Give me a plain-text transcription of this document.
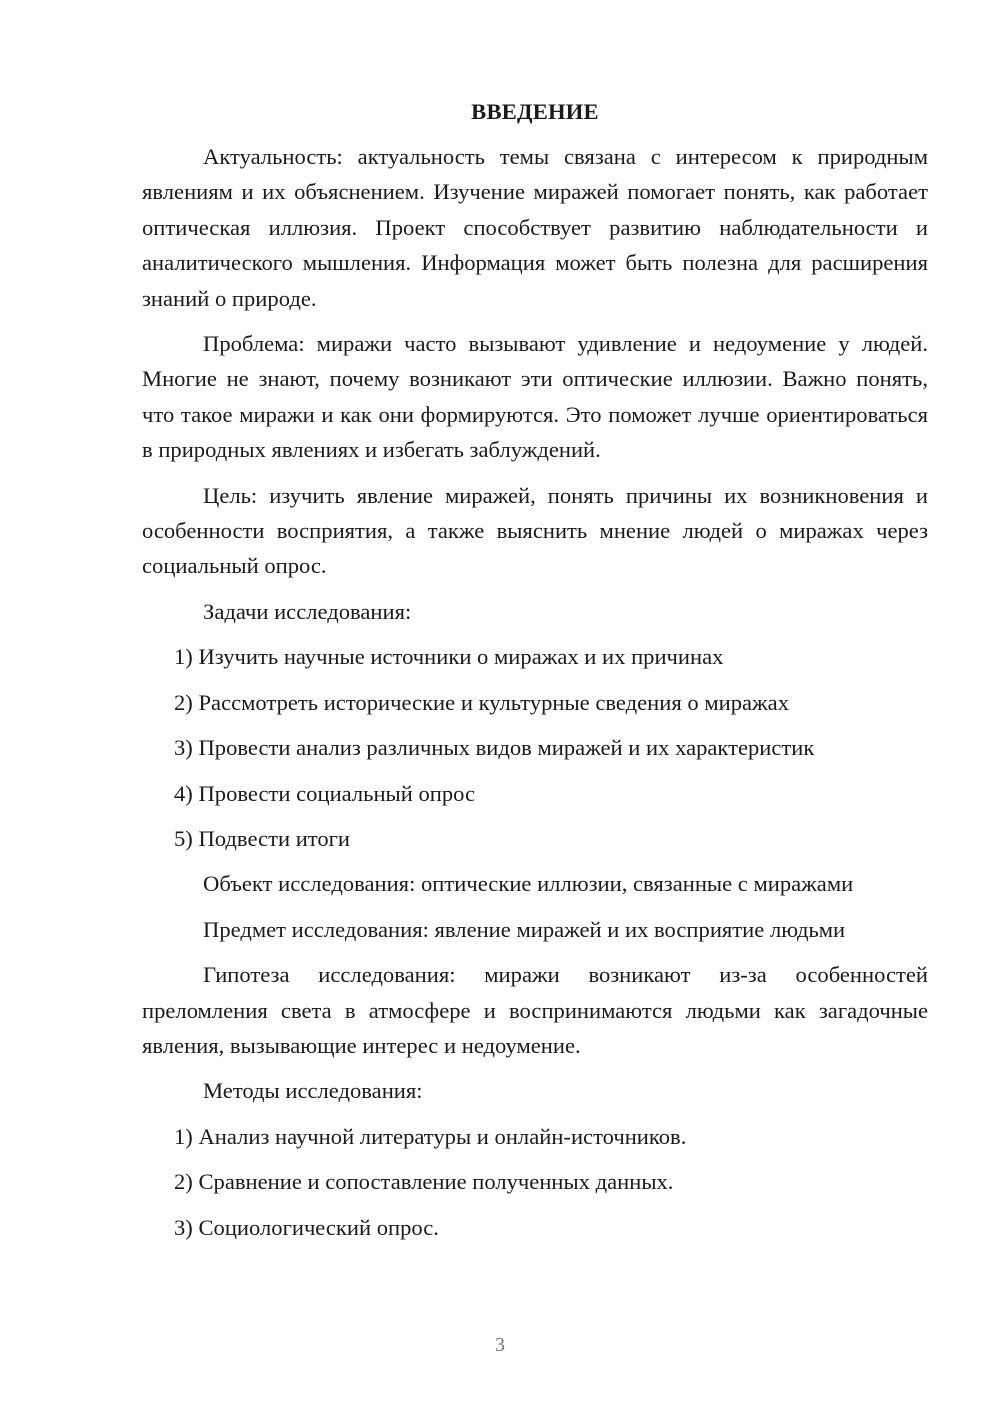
ВВЕДЕНИЕ

Актуальность: актуальность темы связана с интересом к природным явлениям и их объяснением. Изучение миражей помогает понять, как работает оптическая иллюзия. Проект способствует развитию наблюдательности и аналитического мышления. Информация может быть полезна для расширения знаний о природе.

Проблема: миражи часто вызывают удивление и недоумение у людей. Многие не знают, почему возникают эти оптические иллюзии. Важно понять, что такое миражи и как они формируются. Это поможет лучше ориентироваться в природных явлениях и избегать заблуждений.

Цель: изучить явление миражей, понять причины их возникновения и особенности восприятия, а также выяснить мнение людей о миражах через социальный опрос.

Задачи исследования:

1) Изучить научные источники о миражах и их причинах

2) Рассмотреть исторические и культурные сведения о миражах

3) Провести анализ различных видов миражей и их характеристик

4) Провести социальный опрос

5) Подвести итоги

Объект исследования: оптические иллюзии, связанные с миражами

Предмет исследования: явление миражей и их восприятие людьми

Гипотеза исследования: миражи возникают из-за особенностей преломления света в атмосфере и воспринимаются людьми как загадочные явления, вызывающие интерес и недоумение.

Методы исследования:

1) Анализ научной литературы и онлайн-источников.

2) Сравнение и сопоставление полученных данных.

3) Социологический опрос.

3
